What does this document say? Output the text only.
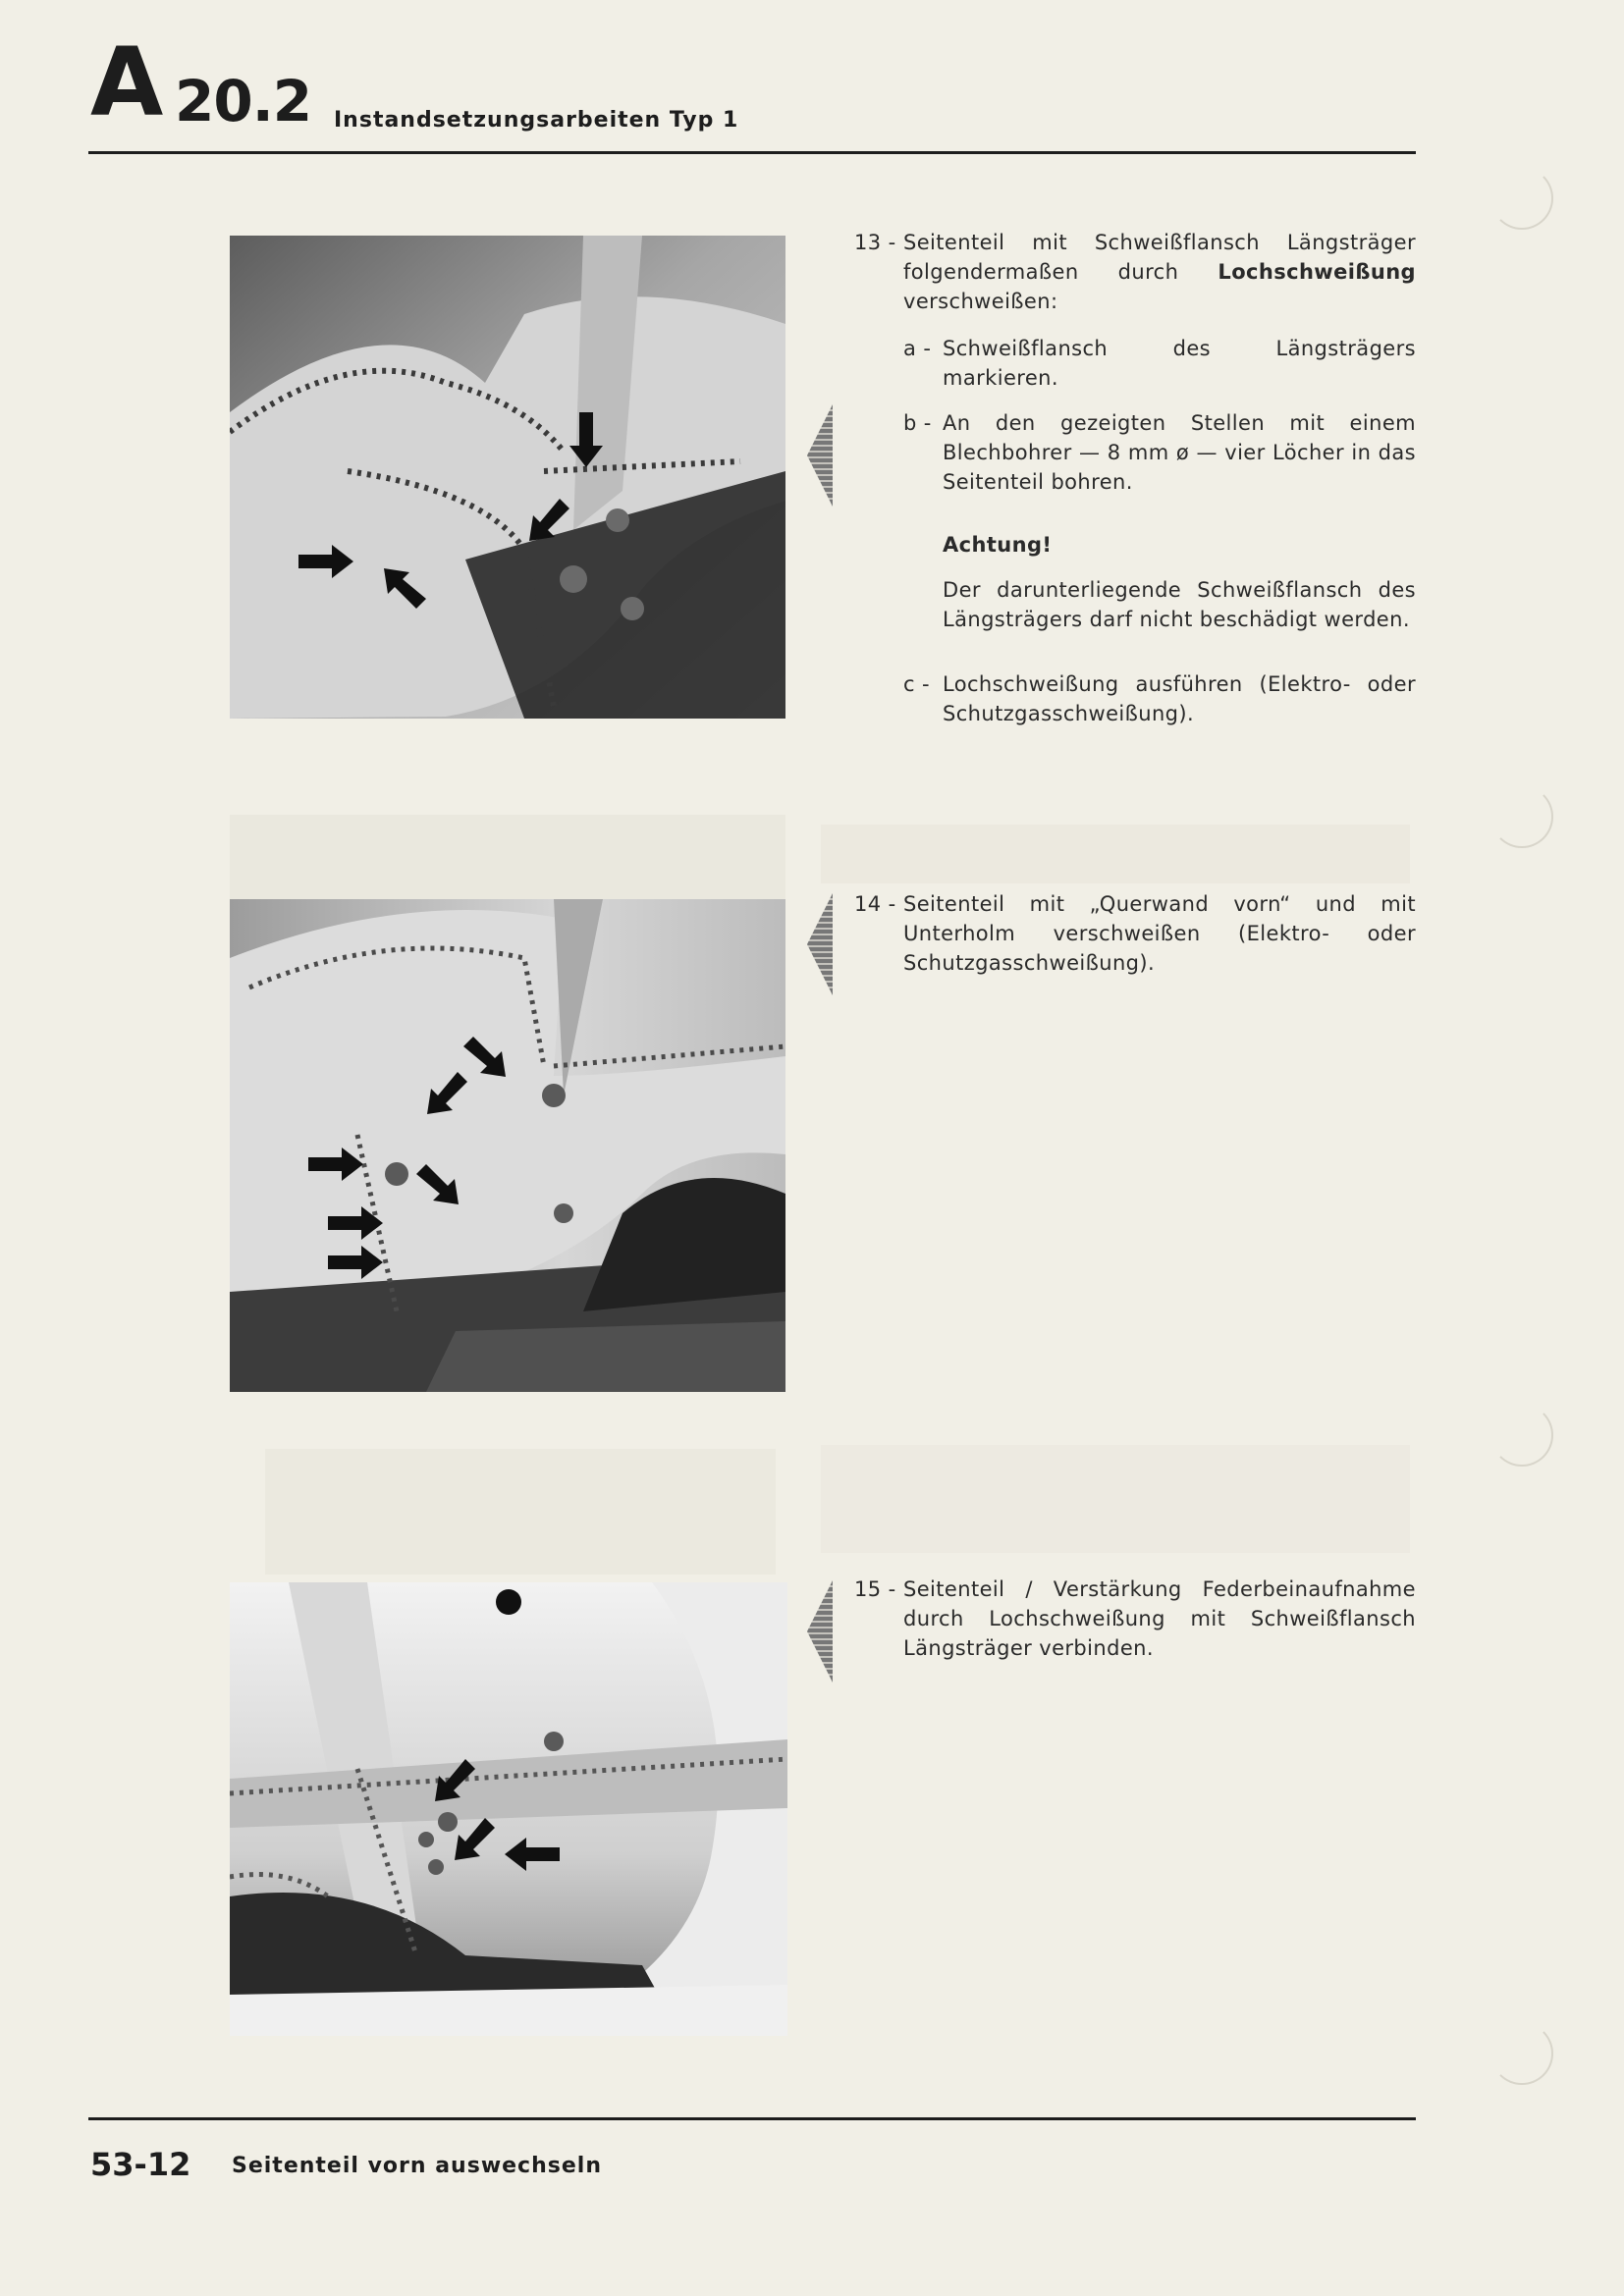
A 20.2 Instandsetzungsarbeiten Typ 1
13 - Seitenteil mit Schweißflansch Längsträger folgendermaßen durch Lochschweißung verschweißen:
a - Schweißflansch des Längsträgers markieren.
b - An den gezeigten Stellen mit einem Blechbohrer — 8 mm ø — vier Löcher in das Seitenteil bohren.
Achtung!
Der darunterliegende Schweißflansch des Längsträgers darf nicht beschädigt werden.
c - Lochschweißung ausführen (Elektro- oder Schutzgasschweißung).
14 - Seitenteil mit „Querwand vorn“ und mit Unterholm verschweißen (Elektro- oder Schutzgasschweißung).
15 - Seitenteil / Verstärkung Federbeinaufnahme durch Lochschweißung mit Schweißflansch Längsträger verbinden.
53-12 Seitenteil vorn auswechseln
